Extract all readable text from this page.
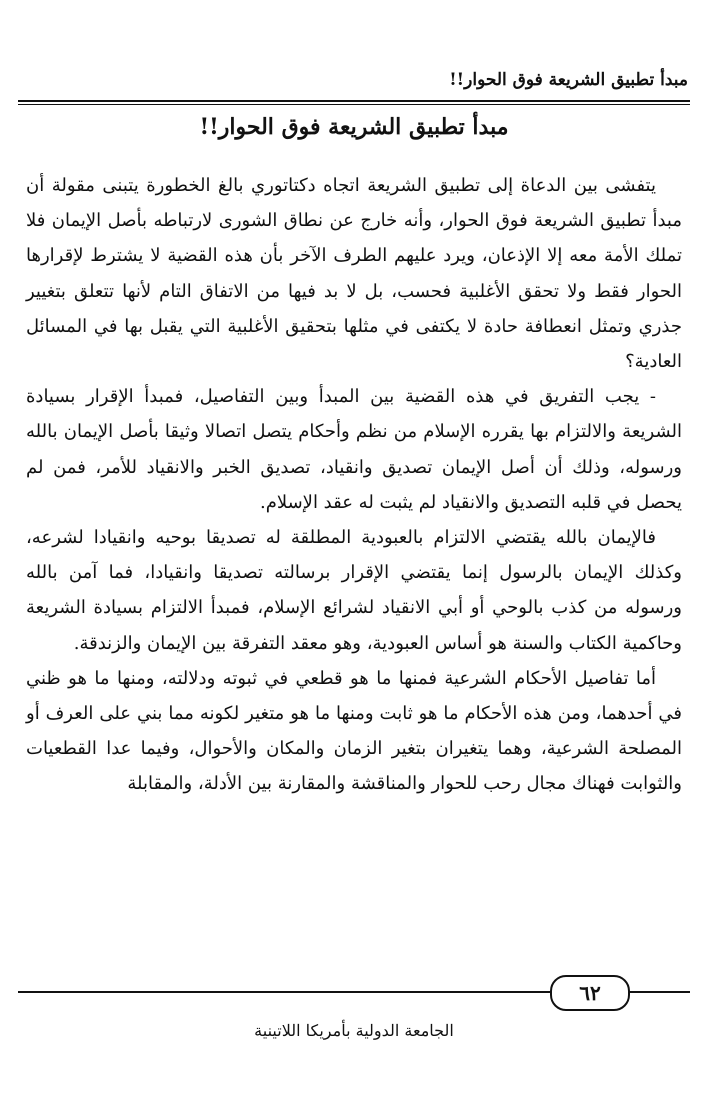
مبدأ تطبيق الشريعة فوق الحوار!!
مبدأ تطبيق الشريعة فوق الحوار!!

يتفشى بين الدعاة إلى تطبيق الشريعة اتجاه دكتاتوري بالغ الخطورة يتبنى مقولة أن مبدأ تطبيق الشريعة فوق الحوار، وأنه خارج عن نطاق الشورى لارتباطه بأصل الإيمان فلا تملك الأمة معه إلا الإذعان، ويرد عليهم الطرف الآخر بأن هذه القضية لا يشترط لإقرارها الحوار فقط ولا تحقق الأغلبية فحسب، بل لا بد فيها من الاتفاق التام لأنها تتعلق بتغيير جذري وتمثل انعطافة حادة لا يكتفى في مثلها بتحقيق الأغلبية التي يقبل بها في المسائل العادية؟

- يجب التفريق في هذه القضية بين المبدأ وبين التفاصيل، فمبدأ الإقرار بسيادة الشريعة والالتزام بها يقرره الإسلام من نظم وأحكام يتصل اتصالا وثيقا بأصل الإيمان بالله ورسوله، وذلك أن أصل الإيمان تصديق وانقياد، تصديق الخبر والانقياد للأمر، فمن لم يحصل في قلبه التصديق والانقياد لم يثبت له عقد الإسلام.

فالإيمان بالله يقتضي الالتزام بالعبودية المطلقة له تصديقا بوحيه وانقيادا لشرعه، وكذلك الإيمان بالرسول إنما يقتضي الإقرار برسالته تصديقا وانقيادا، فما آمن بالله ورسوله من كذب بالوحي أو أبي الانقياد لشرائع الإسلام، فمبدأ الالتزام بسيادة الشريعة وحاكمية الكتاب والسنة هو أساس العبودية، وهو معقد التفرقة بين الإيمان والزندقة.

أما تفاصيل الأحكام الشرعية فمنها ما هو قطعي في ثبوته ودلالته، ومنها ما هو ظني في أحدهما، ومن هذه الأحكام ما هو ثابت ومنها ما هو متغير لكونه مما بني على العرف أو المصلحة الشرعية، وهما يتغيران بتغير الزمان والمكان والأحوال، وفيما عدا القطعيات والثوابت فهناك مجال رحب للحوار والمناقشة والمقارنة بين الأدلة، والمقابلة

٦٢
الجامعة الدولية بأمريكا اللاتينية
